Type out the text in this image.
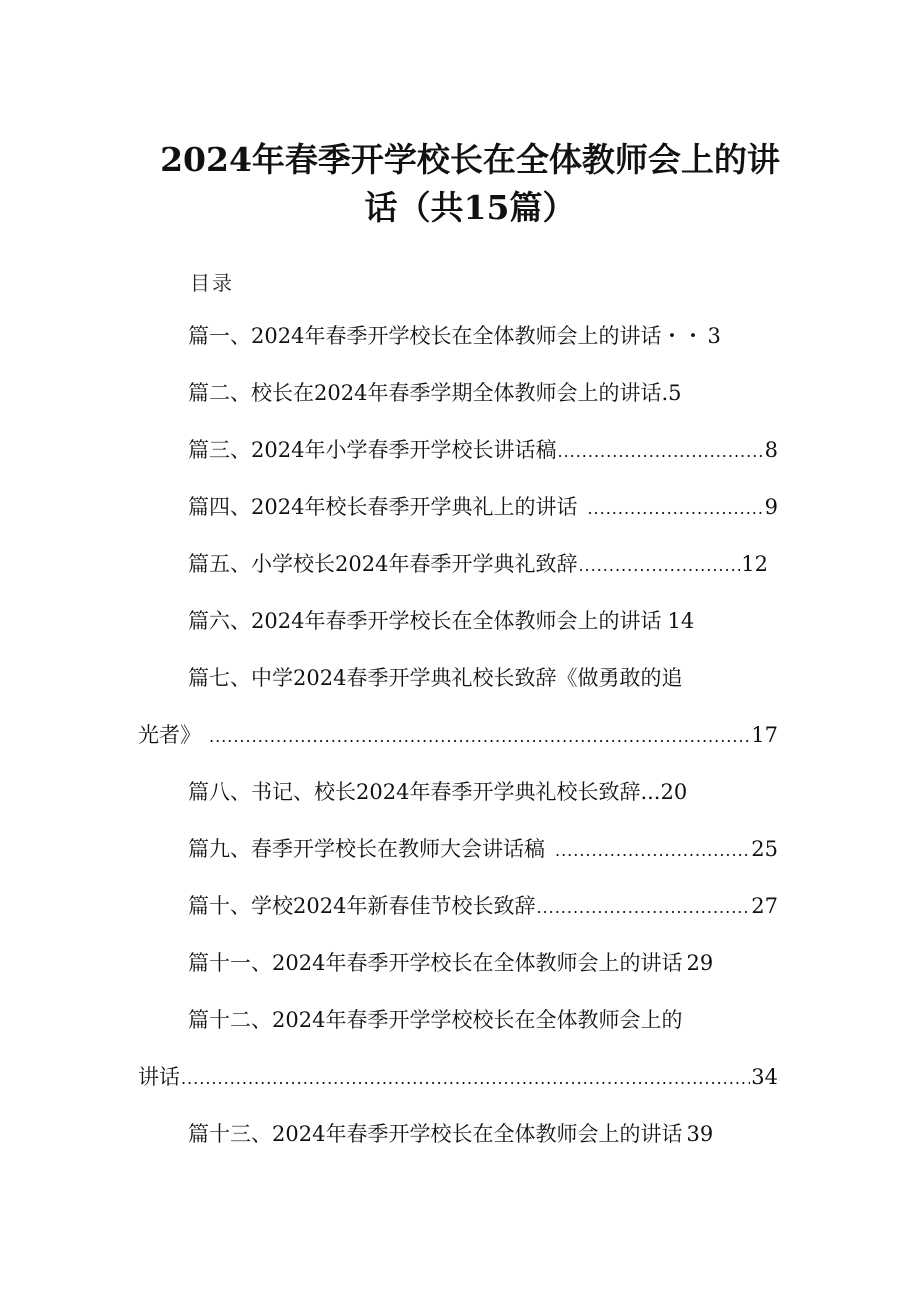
2024年春季开学校长在全体教师会上的讲
话（共15篇）
目录
篇一、2024年春季开学校长在全体教师会上的讲话・・ 3
篇二、校长在2024年春季学期全体教师会上的讲话. 5
篇三、2024年小学春季开学校长讲话稿 .....	8
篇四、2024年校长春季开学典礼上的讲话 .....	9
篇五、小学校长2024年春季开学典礼致辞 .....	12
篇六、2024年春季开学校长在全体教师会上的讲话 14
篇七、中学2024春季开学典礼校长致辞《做勇敢的追
光者》 .....	17
篇八、书记、校长2024年春季开学典礼校长致辞... 20
篇九、春季开学校长在教师大会讲话稿 .....	25
篇十、学校2024年新春佳节校长致辞 .....	27
篇十一、2024年春季开学校长在全体教师会上的讲话 29
篇十二、2024年春季开学学校校长在全体教师会上的
讲话 .....	34
篇十三、2024年春季开学校长在全体教师会上的讲话 39
